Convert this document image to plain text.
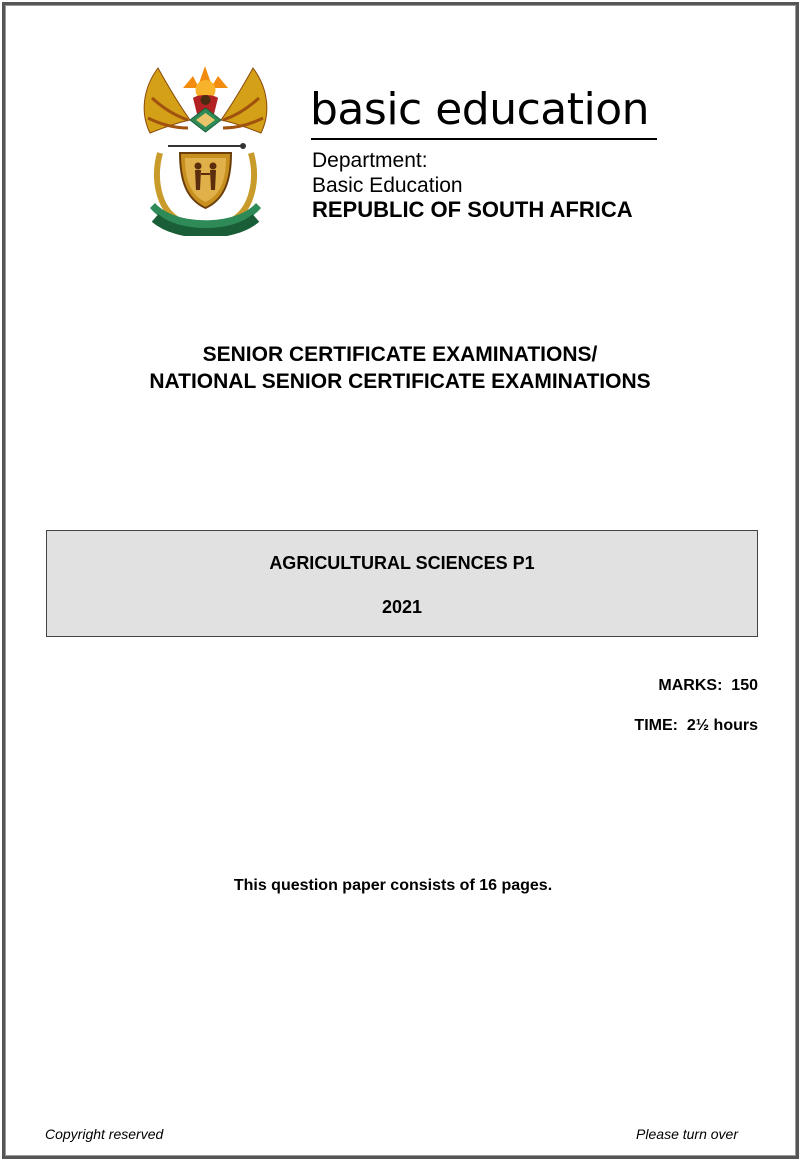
basic education
Department:
Basic Education
REPUBLIC OF SOUTH AFRICA
SENIOR CERTIFICATE EXAMINATIONS/
NATIONAL SENIOR CERTIFICATE EXAMINATIONS
AGRICULTURAL SCIENCES P1
2021
MARKS:  150
TIME:  2½ hours
This question paper consists of 16 pages.
Copyright reserved	Please turn over
